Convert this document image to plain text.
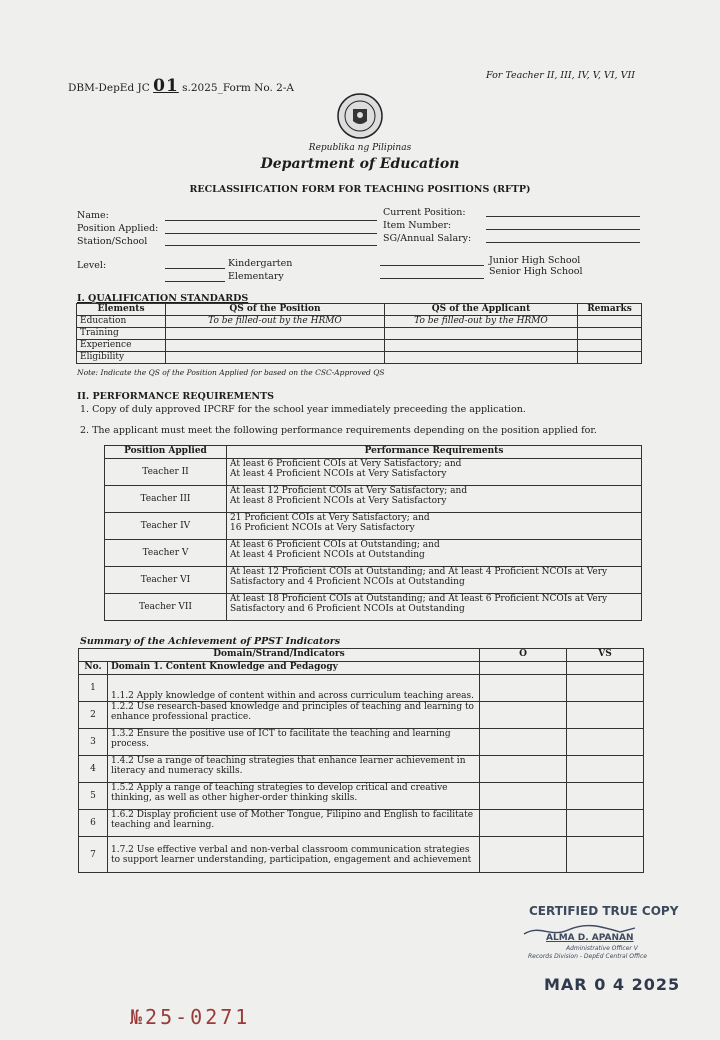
DBM-DepEd JC 01 s.2025_Form No. 2-A
For Teacher II, III, IV, V, VI, VII
Republika ng Pilipinas
Department of Education
RECLASSIFICATION FORM FOR TEACHING POSITIONS (RFTP)
Name:
Position Applied:
Station/School
Current Position:
Item Number:
SG/Annual Salary:
Level:	Kindergarten
Elementary
Junior High School
Senior High School
I. QUALIFICATION STANDARDS
Elements	QS of the Position	QS of the Applicant	Remarks
Education	To be filled-out by the HRMO	To be filled-out by the HRMO	
Training			
Experience			
Eligibility			
Note: Indicate the QS of the Position Applied for based on the CSC-Approved QS
II. PERFORMANCE REQUIREMENTS
1. Copy of duly approved IPCRF for the school year immediately preceeding the application.
2. The applicant must meet the following performance requirements depending on the position applied for.
Position Applied	Performance Requirements
Teacher II	At least 6 Proficient COIs at Very Satisfactory; and
At least 4 Proficient NCOIs at Very Satisfactory

Teacher III	At least 12 Proficient COIs at Very Satisfactory; and
At least 8 Proficient NCOIs at Very Satisfactory

Teacher IV	21 Proficient COIs at Very Satisfactory; and
16 Proficient NCOIs at Very Satisfactory

Teacher V	At least 6 Proficient COIs at Outstanding; and
At least 4 Proficient NCOIs at Outstanding

Teacher VI	At least 12 Proficient COIs at Outstanding; and At least 4 Proficient NCOIs at Very
Satisfactory and 4 Proficient NCOIs at Outstanding

Teacher VII	At least 18 Proficient COIs at Outstanding; and At least 6 Proficient NCOIs at Very
Satisfactory and 6 Proficient NCOIs at Outstanding
Summary of the Achievement of PPST Indicators
Domain/Strand/Indicators		O	VS
No.	Domain 1. Content Knowledge and Pedagogy		
1	1.1.2 Apply knowledge of content within and across curriculum teaching areas.		

2	1.2.2 Use research-based knowledge and principles of teaching and learning to
enhance professional practice.		

3	1.3.2 Ensure the positive use of ICT to facilitate the teaching and learning
process.		

4	1.4.2 Use a range of teaching strategies that enhance learner achievement in
literacy and numeracy skills.		

5	1.5.2 Apply a range of teaching strategies to develop critical and creative
thinking, as well as other higher-order thinking skills.		

6	1.6.2 Display proficient use of Mother Tongue, Filipino and English to facilitate
teaching and learning.		

7	1.7.2 Use effective verbal and non-verbal classroom communication strategies
to support learner understanding, participation, engagement and achievement		

CERTIFIED TRUE COPY
ALMA D. APANAN
Administrative Officer V
Records Division - DepEd Central Office
MAR 0 4 2025
№25-0271
